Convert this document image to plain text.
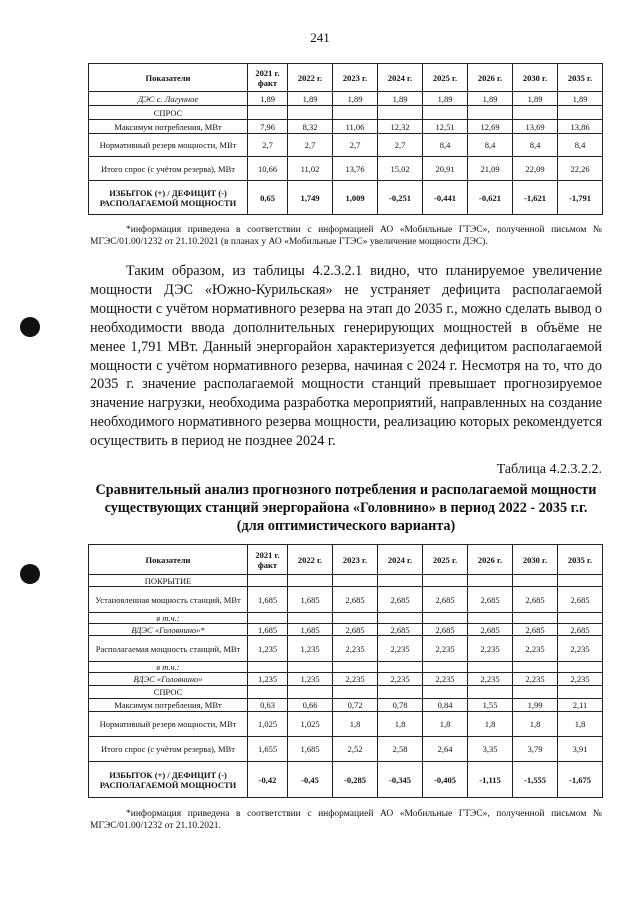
241
Показатели	2021 г. факт	2022 г.	2023 г.	2024 г.	2025 г.	2026 г.	2030 г.	2035 г.
ДЭС с. Лагунное	1,89	1,89	1,89	1,89	1,89	1,89	1,89	1,89
СПРОС								
Максимум потребления, МВт	7,96	8,32	11,06	12,32	12,51	12,69	13,69	13,86
Нормативный резерв мощности, МВт	2,7	2,7	2,7	2,7	8,4	8,4	8,4	8,4
Итого спрос (с учётом резерва), МВт	10,66	11,02	13,76	15,02	20,91	21,09	22,09	22,26
ИЗБЫТОК (+) / ДЕФИЦИТ (-) РАСПОЛАГАЕМОЙ МОЩНОСТИ	0,65	1,749	1,009	-0,251	-0,441	-0,621	-1,621	-1,791
*информация приведена в соответствии с информацией АО «Мобильные ГТЭС», полученной письмом № МГЭС/01.00/1232 от 21.10.2021 (в планах у АО «Мобильные ГТЭС» увеличение мощности ДЭС).
Таким образом, из таблицы 4.2.3.2.1 видно, что планируемое увеличение мощности ДЭС «Южно-Курильская» не устраняет дефицита располагаемой мощности с учётом нормативного резерва на этап до 2035 г., можно сделать вывод о необходимости ввода дополнительных генерирующих мощностей в объёме не менее 1,791 МВт. Данный энергорайон характеризуется дефицитом располагаемой мощности с учётом нормативного резерва, начиная с 2024 г. Несмотря на то, что до 2035 г. значение располагаемой мощности станций превышает прогнозируемое значение нагрузки, необходима разработка мероприятий, направленных на создание необходимого нормативного резерва мощности, реализацию которых рекомендуется осуществить в период не позднее 2024 г.
Таблица 4.2.3.2.2.
Сравнительный анализ прогнозного потребления и располагаемой мощности существующих станций энергорайона «Головнино» в период 2022 - 2035 г.г. (для оптимистического варианта)
Показатели	2021 г. факт	2022 г.	2023 г.	2024 г.	2025 г.	2026 г.	2030 г.	2035 г.
ПОКРЫТИЕ								
Установленная мощность станций, МВт	1,685	1,685	2,685	2,685	2,685	2,685	2,685	2,685
в т.ч.:								
ВДЭС «Головнино»*	1,685	1,685	2,685	2,685	2,685	2,685	2,685	2,685
Располагаемая мощность станций, МВт	1,235	1,235	2,235	2,235	2,235	2,235	2,235	2,235
в т.ч.:								
ВДЭС «Головнино»	1,235	1,235	2,235	2,235	2,235	2,235	2,235	2,235
СПРОС								
Максимум потребления, МВт	0,63	0,66	0,72	0,78	0,84	1,55	1,99	2,11
Нормативный резерв мощности, МВт	1,025	1,025	1,8	1,8	1,8	1,8	1,8	1,8
Итого спрос (с учётом резерва), МВт	1,655	1,685	2,52	2,58	2,64	3,35	3,79	3,91
ИЗБЫТОК (+) / ДЕФИЦИТ (-) РАСПОЛАГАЕМОЙ МОЩНОСТИ	-0,42	-0,45	-0,285	-0,345	-0,405	-1,115	-1,555	-1,675
*информация приведена в соответствии с информацией АО «Мобильные ГТЭС», полученной письмом № МГЭС/01.00/1232 от 21.10.2021.
